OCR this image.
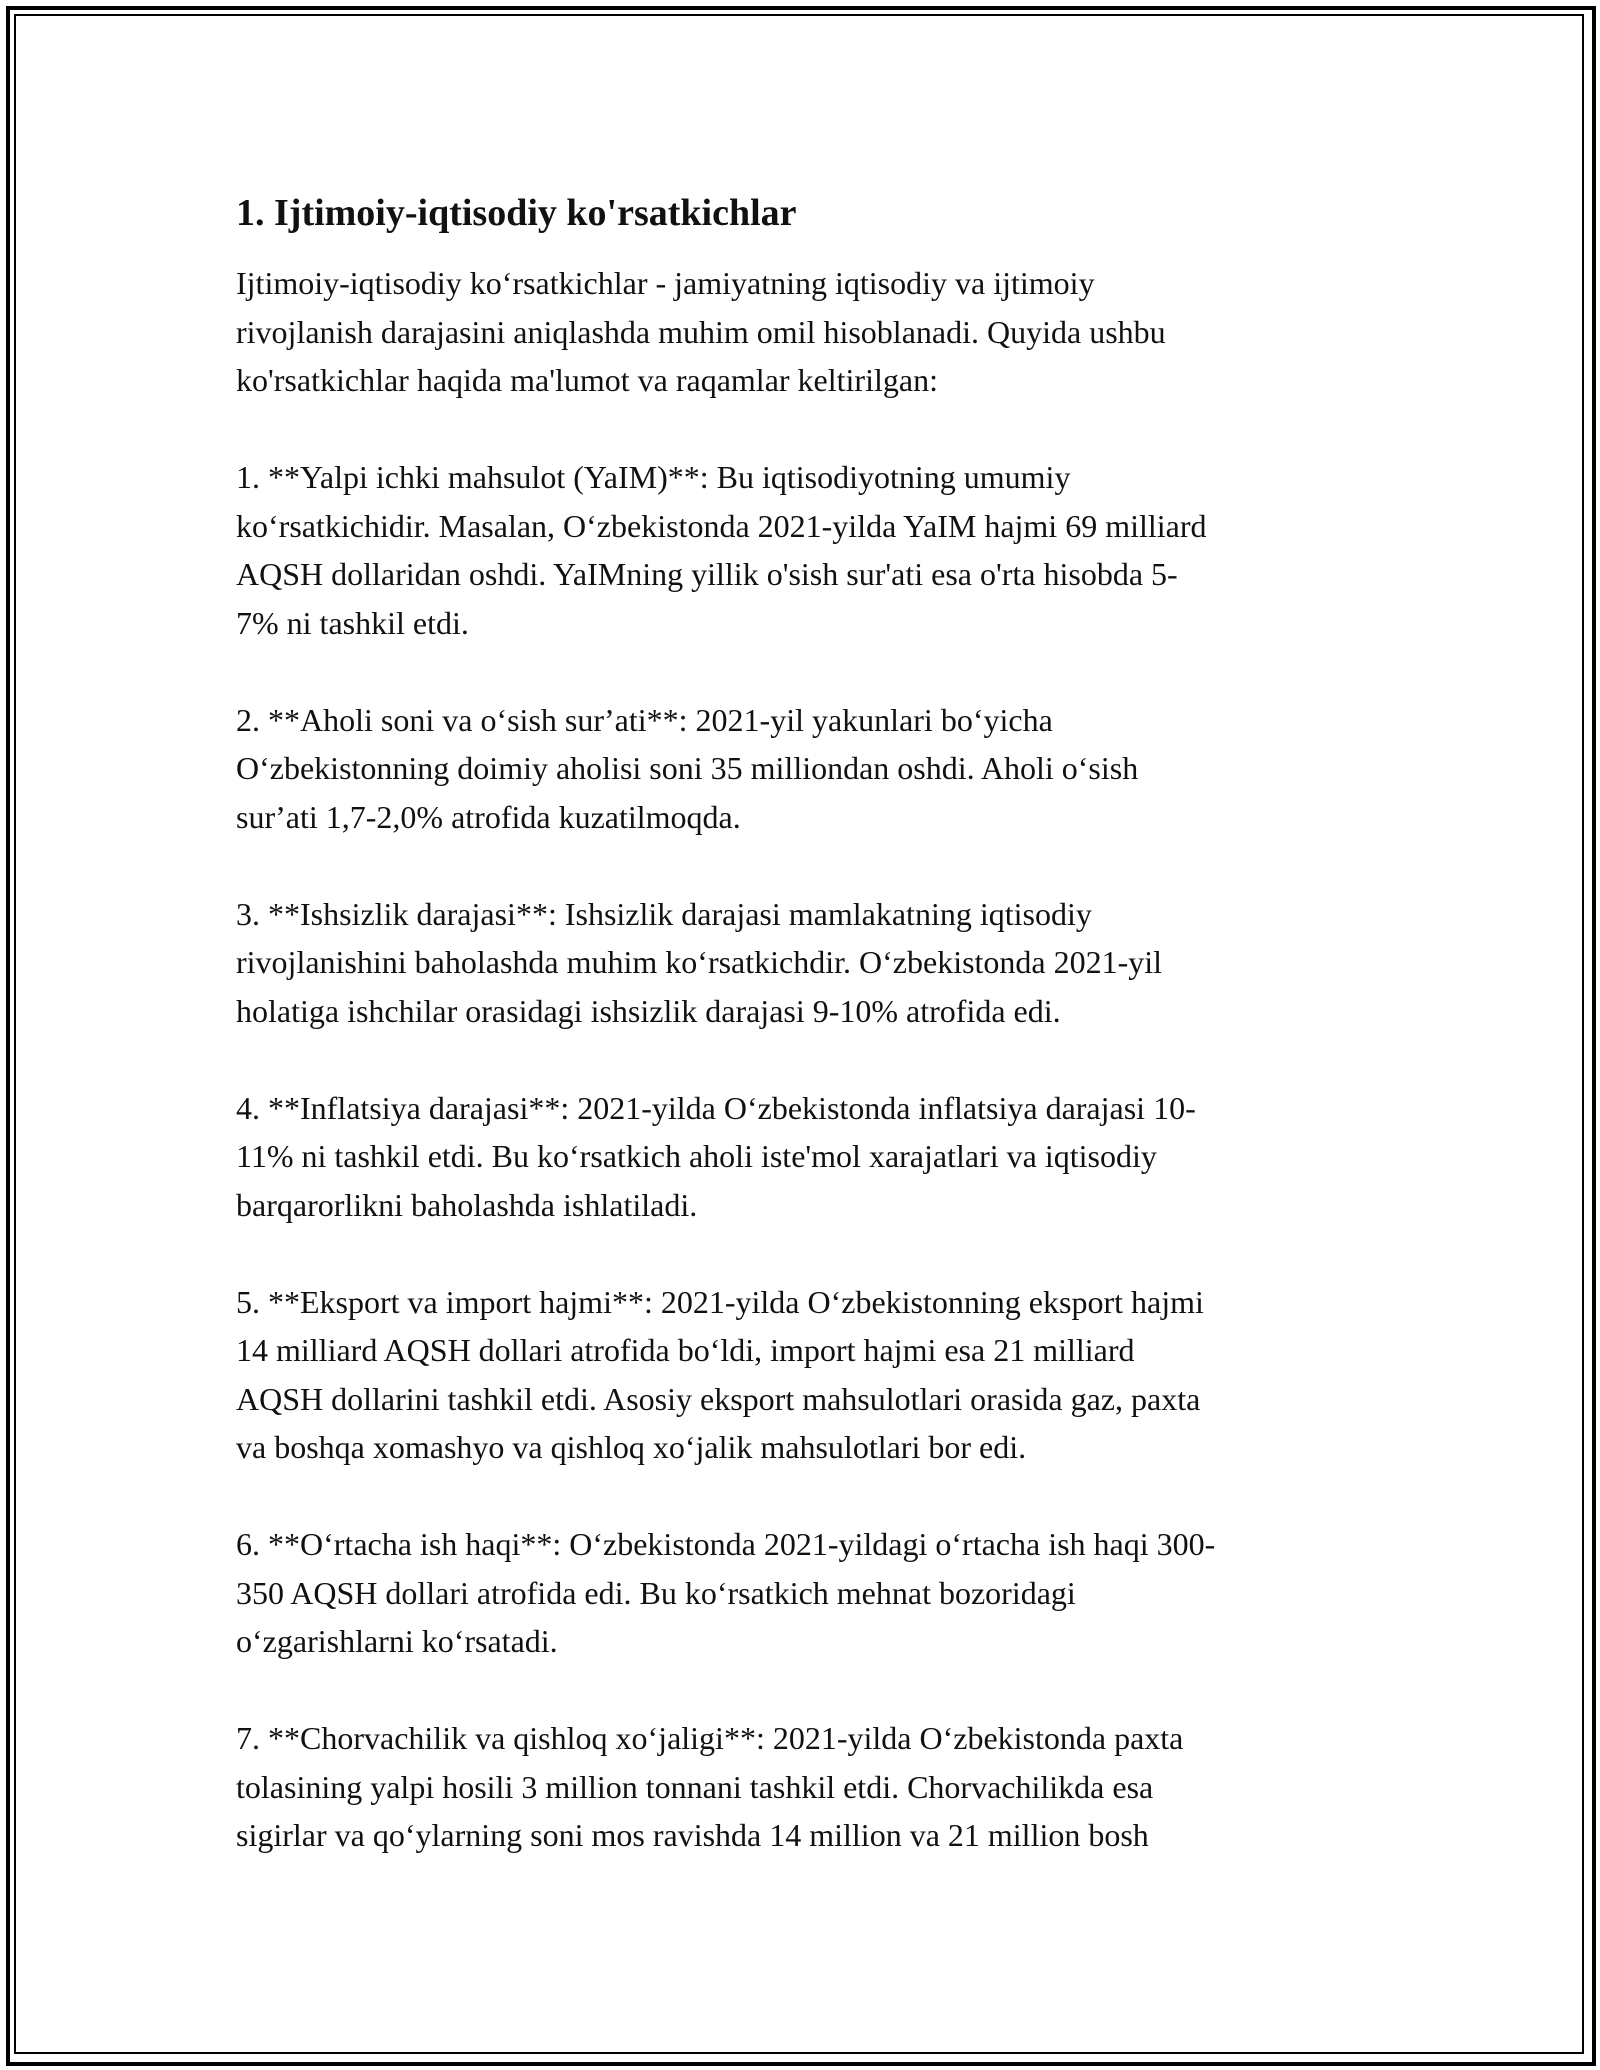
1. Ijtimoiy-iqtisodiy ko'rsatkichlar

Ijtimoiy-iqtisodiy koʻrsatkichlar - jamiyatning iqtisodiy va ijtimoiy
rivojlanish darajasini aniqlashda muhim omil hisoblanadi. Quyida ushbu
ko'rsatkichlar haqida ma'lumot va raqamlar keltirilgan:

1. **Yalpi ichki mahsulot (YaIM)**: Bu iqtisodiyotning umumiy
koʻrsatkichidir. Masalan, Oʻzbekistonda 2021-yilda YaIM hajmi 69 milliard
AQSH dollaridan oshdi. YaIMning yillik o'sish sur'ati esa o'rta hisobda 5-
7% ni tashkil etdi.

2. **Aholi soni va oʻsish surʼati**: 2021-yil yakunlari boʻyicha
Oʻzbekistonning doimiy aholisi soni 35 milliondan oshdi. Aholi oʻsish
surʼati 1,7-2,0% atrofida kuzatilmoqda.

3. **Ishsizlik darajasi**: Ishsizlik darajasi mamlakatning iqtisodiy
rivojlanishini baholashda muhim koʻrsatkichdir. Oʻzbekistonda 2021-yil
holatiga ishchilar orasidagi ishsizlik darajasi 9-10% atrofida edi.

4. **Inflatsiya darajasi**: 2021-yilda Oʻzbekistonda inflatsiya darajasi 10-
11% ni tashkil etdi. Bu koʻrsatkich aholi iste'mol xarajatlari va iqtisodiy
barqarorlikni baholashda ishlatiladi.

5. **Eksport va import hajmi**: 2021-yilda Oʻzbekistonning eksport hajmi
14 milliard AQSH dollari atrofida boʻldi, import hajmi esa 21 milliard
AQSH dollarini tashkil etdi. Asosiy eksport mahsulotlari orasida gaz, paxta
va boshqa xomashyo va qishloq xoʻjalik mahsulotlari bor edi.

6. **Oʻrtacha ish haqi**: Oʻzbekistonda 2021-yildagi oʻrtacha ish haqi 300-
350 AQSH dollari atrofida edi. Bu koʻrsatkich mehnat bozoridagi
oʻzgarishlarni koʻrsatadi.

7. **Chorvachilik va qishloq xoʻjaligi**: 2021-yilda Oʻzbekistonda paxta
tolasining yalpi hosili 3 million tonnani tashkil etdi. Chorvachilikda esa
sigirlar va qoʻylarning soni mos ravishda 14 million va 21 million bosh
